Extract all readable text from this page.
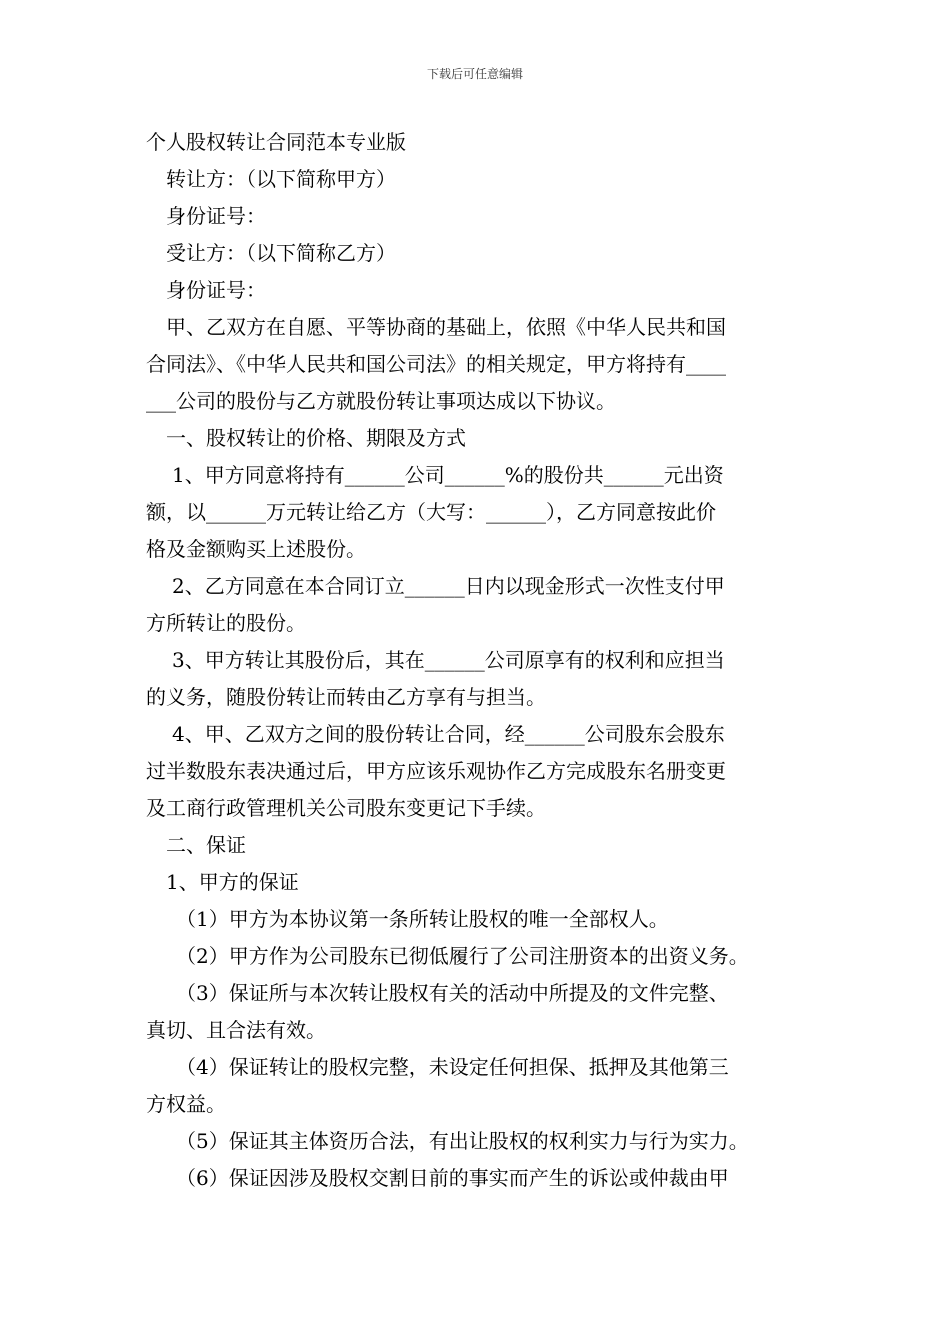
下载后可任意编辑
个人股权转让合同范本专业版
转让方：（以下简称甲方）
身份证号：
受让方：（以下简称乙方）
身份证号：
甲、乙双方在自愿、平等协商的基础上，依照《中华人民共和国
合同法》、《中华人民共和国公司法》的相关规定，甲方将持有____
___公司的股份与乙方就股份转让事项达成以下协议。
一、股权转让的价格、期限及方式
1、甲方同意将持有______公司______%的股份共______元出资
额，以______万元转让给乙方（大写：______），乙方同意按此价
格及金额购买上述股份。
2、乙方同意在本合同订立______日内以现金形式一次性支付甲
方所转让的股份。
3、甲方转让其股份后，其在______公司原享有的权利和应担当
的义务，随股份转让而转由乙方享有与担当。
4、甲、乙双方之间的股份转让合同，经______公司股东会股东
过半数股东表决通过后，甲方应该乐观协作乙方完成股东名册变更
及工商行政管理机关公司股东变更记下手续。
二、保证
1、甲方的保证
（1）甲方为本协议第一条所转让股权的唯一全部权人。
（2）甲方作为公司股东已彻低履行了公司注册资本的出资义务。
（3）保证所与本次转让股权有关的活动中所提及的文件完整、
真切、且合法有效。
（4）保证转让的股权完整，未设定任何担保、抵押及其他第三
方权益。
（5）保证其主体资历合法，有出让股权的权利实力与行为实力。
（6）保证因涉及股权交割日前的事实而产生的诉讼或仲裁由甲
